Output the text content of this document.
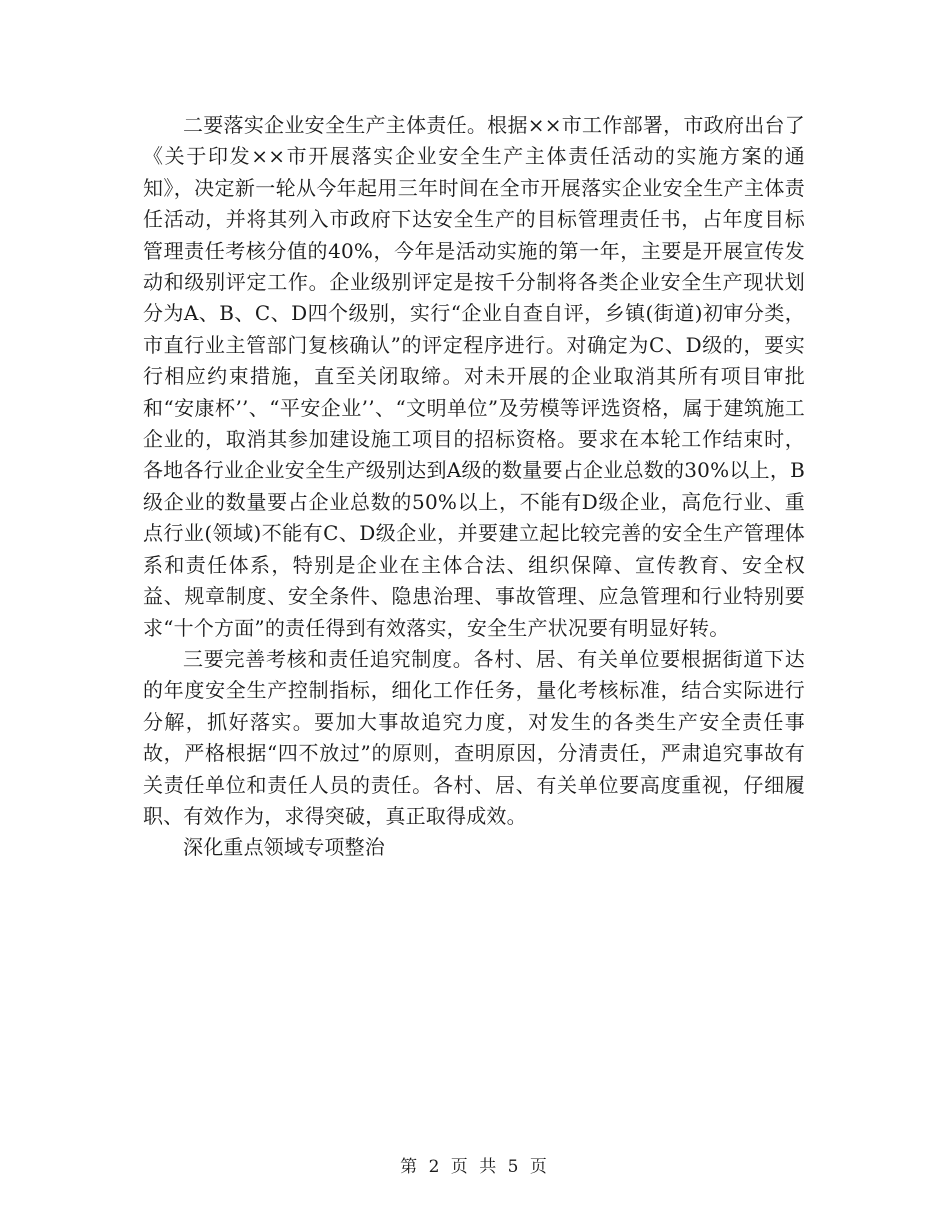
二要落实企业安全生产主体责任。根据××市工作部署，市政府出台了《关于印发××市开展落实企业安全生产主体责任活动的实施方案的通知》，决定新一轮从今年起用三年时间在全市开展落实企业安全生产主体责任活动，并将其列入市政府下达安全生产的目标管理责任书，占年度目标管理责任考核分值的40%，今年是活动实施的第一年，主要是开展宣传发动和级别评定工作。企业级别评定是按千分制将各类企业安全生产现状划分为A、B、C、D四个级别，实行“企业自查自评，乡镇(街道)初审分类，市直行业主管部门复核确认”的评定程序进行。对确定为C、D级的，要实行相应约束措施，直至关闭取缔。对未开展的企业取消其所有项目审批和“安康杯’’、“平安企业’’、“文明单位”及劳模等评选资格，属于建筑施工企业的，取消其参加建设施工项目的招标资格。要求在本轮工作结束时，各地各行业企业安全生产级别达到A级的数量要占企业总数的30%以上，B级企业的数量要占企业总数的50%以上，不能有D级企业，高危行业、重点行业(领域)不能有C、D级企业，并要建立起比较完善的安全生产管理体系和责任体系，特别是企业在主体合法、组织保障、宣传教育、安全权益、规章制度、安全条件、隐患治理、事故管理、应急管理和行业特别要求“十个方面”的责任得到有效落实，安全生产状况要有明显好转。

三要完善考核和责任追究制度。各村、居、有关单位要根据街道下达的年度安全生产控制指标，细化工作任务，量化考核标准，结合实际进行分解，抓好落实。要加大事故追究力度，对发生的各类生产安全责任事故，严格根据“四不放过”的原则，查明原因，分清责任，严肃追究事故有关责任单位和责任人员的责任。各村、居、有关单位要高度重视，仔细履职、有效作为，求得突破，真正取得成效。

深化重点领域专项整治

第 2 页 共 5 页
